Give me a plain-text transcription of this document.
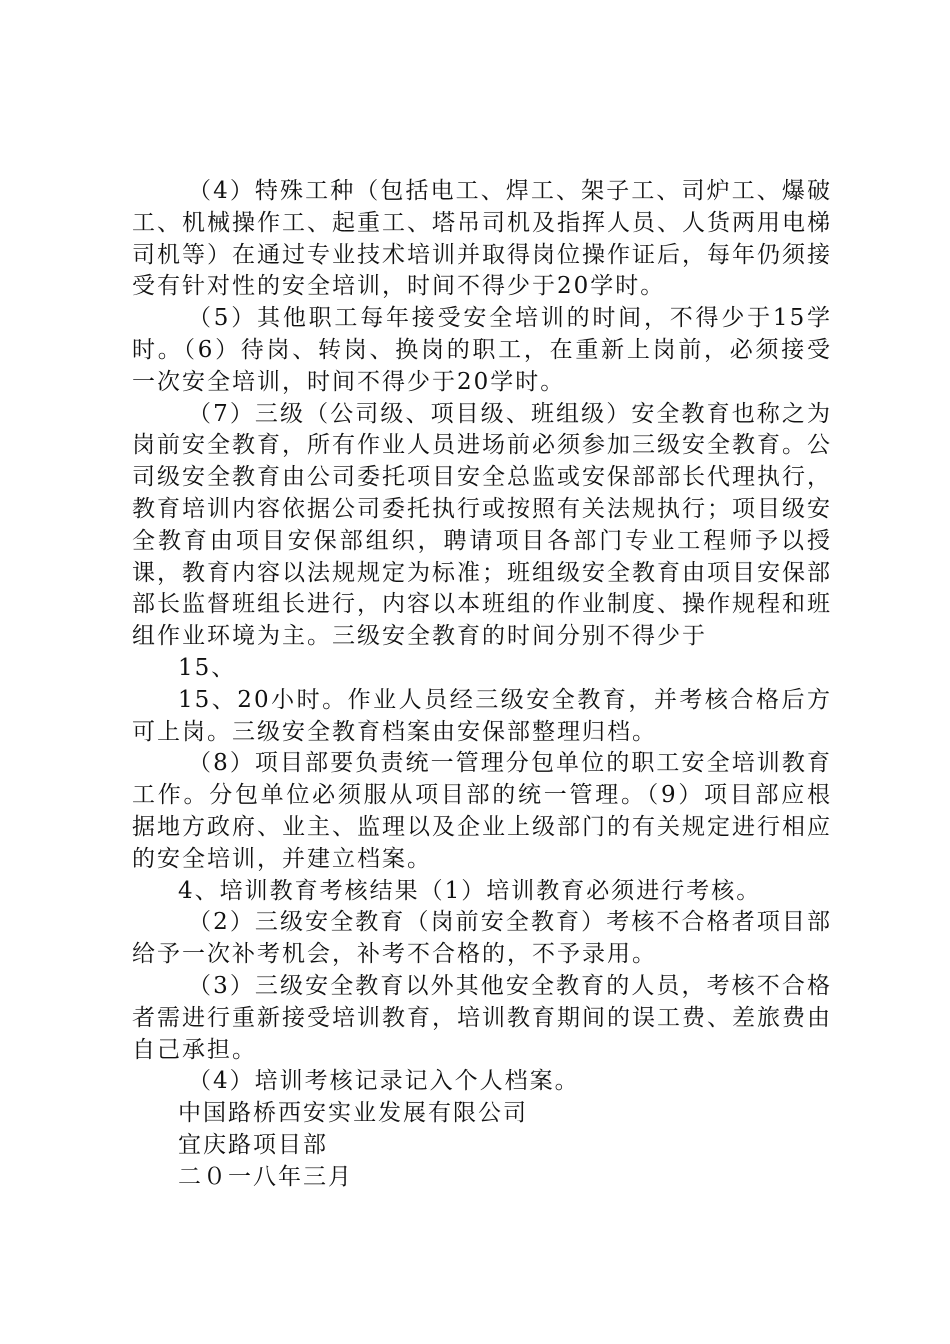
（4）特殊工种（包括电工、焊工、架子工、司炉工、爆破工、机械操作工、起重工、塔吊司机及指挥人员、人货两用电梯司机等）在通过专业技术培训并取得岗位操作证后，每年仍须接受有针对性的安全培训，时间不得少于20学时。

（5）其他职工每年接受安全培训的时间，不得少于15学时。（6）待岗、转岗、换岗的职工，在重新上岗前，必须接受一次安全培训，时间不得少于20学时。

（7）三级（公司级、项目级、班组级）安全教育也称之为岗前安全教育，所有作业人员进场前必须参加三级安全教育。公司级安全教育由公司委托项目安全总监或安保部部长代理执行，教育培训内容依据公司委托执行或按照有关法规执行；项目级安全教育由项目安保部组织，聘请项目各部门专业工程师予以授课，教育内容以法规规定为标准；班组级安全教育由项目安保部部长监督班组长进行，内容以本班组的作业制度、操作规程和班组作业环境为主。三级安全教育的时间分别不得少于

15、

15、20小时。作业人员经三级安全教育，并考核合格后方可上岗。三级安全教育档案由安保部整理归档。

（8）项目部要负责统一管理分包单位的职工安全培训教育工作。分包单位必须服从项目部的统一管理。（9）项目部应根据地方政府、业主、监理以及企业上级部门的有关规定进行相应的安全培训，并建立档案。

4、培训教育考核结果（1）培训教育必须进行考核。

（2）三级安全教育（岗前安全教育）考核不合格者项目部给予一次补考机会，补考不合格的，不予录用。

（3）三级安全教育以外其他安全教育的人员，考核不合格者需进行重新接受培训教育，培训教育期间的误工费、差旅费由自己承担。

（4）培训考核记录记入个人档案。

中国路桥西安实业发展有限公司

宜庆路项目部

二０一八年三月
